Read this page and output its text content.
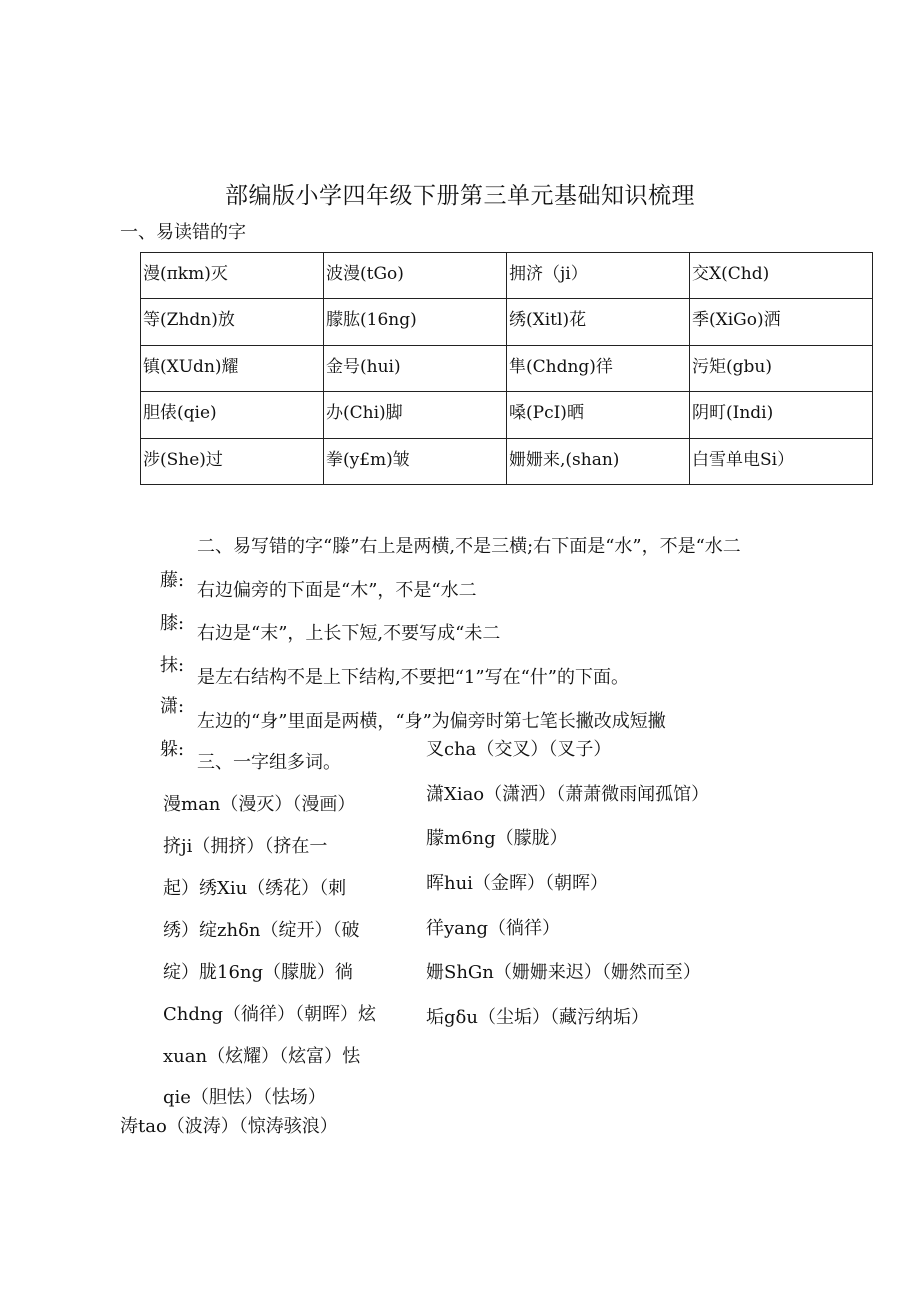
部编版小学四年级下册第三单元基础知识梳理
一、易读错的字
漫(πkm)灭	波漫(tGo)	拥济（ji）	交X(Chd)
等(Zhdn)放	朦肱(16ng)	绣(Xitl)花	季(XiGo)洒
镇(XUdn)耀	金号(hui)	隼(Chdng)徉	污矩(gbu)
胆俵(qie)	办(Chi)脚	嗓(PcI)晒	阴町(Indi)
涉(She)过	拳(y£m)皱	姗姗来,(shan)	白雪单电Si）
二、易写错的字“滕”右上是两横,不是三横;右下面是“水”，不是“水二
藤: 右边偏旁的下面是“木”，不是“水二
膝: 右边是“末”，上长下短,不要写成“未二
抹:
是左右结构不是上下结构,不要把“1”写在“什”的下面。
潇:
左边的“身”里面是两横，“身”为偏旁时第七笔长撇改成短撇
躲:
三、一字组多词。
漫man（漫灭）（漫画）
挤ji（拥挤）（挤在一
起）绣Xiu（绣花）（刺
绣）绽zhδn（绽开）（破
绽）胧16ng（朦胧）徜
Chdng（徜徉）（朝晖）炫
xuan（炫耀）（炫富）怯
qie（胆怯）（怯场）
涛tao（波涛）（惊涛骇浪）
叉cha（交叉）（叉子）
潇Xiao（潇洒）（萧萧微雨闻孤馆）
朦m6ng（朦胧）
晖hui（金晖）（朝晖）
徉yang（徜徉）
姗ShGn（姗姗来迟）（姗然而至）
垢gδu（尘垢）（藏污纳垢）
